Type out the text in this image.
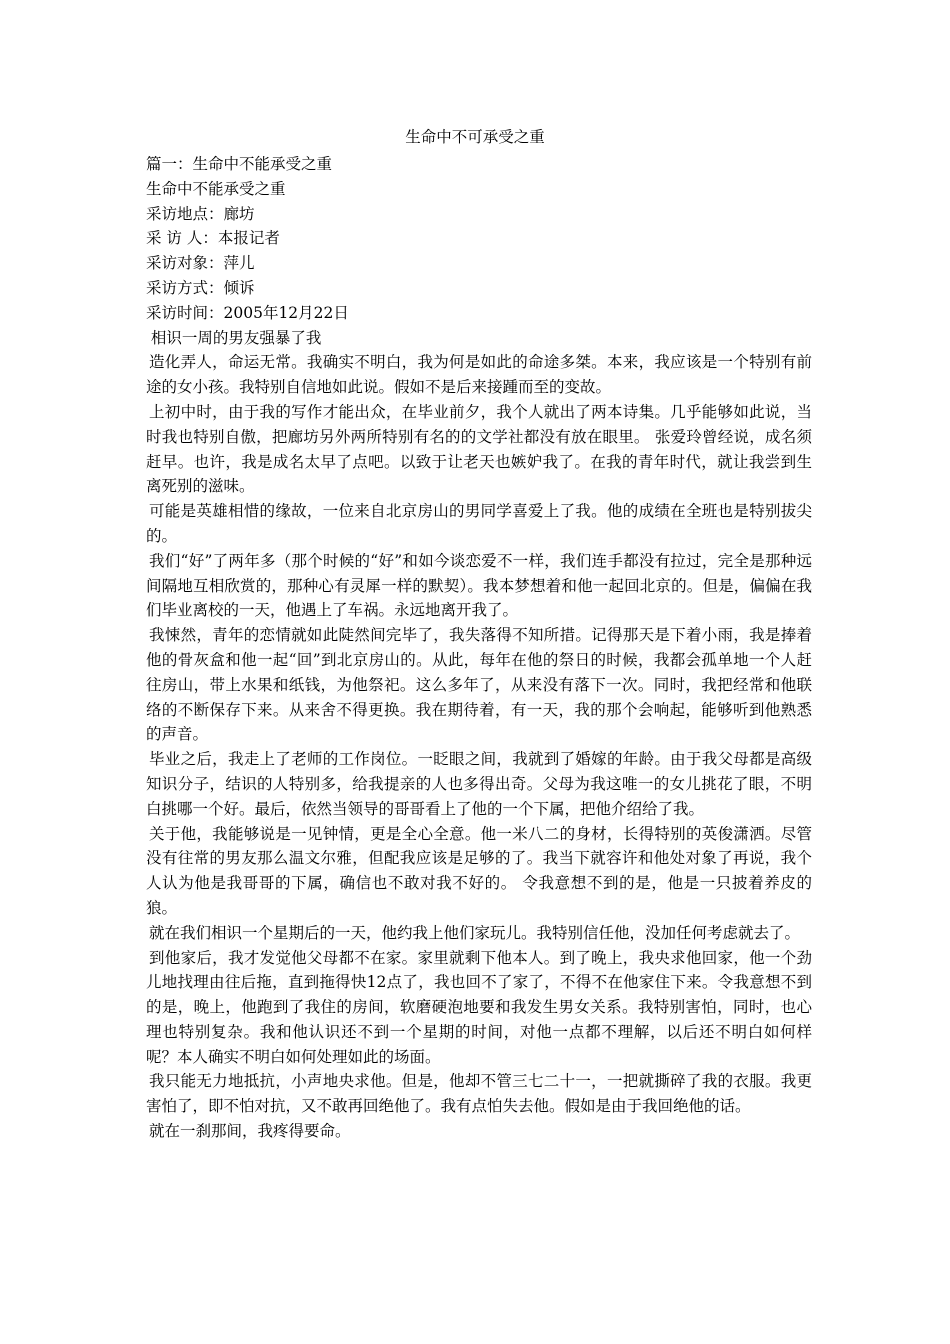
生命中不可承受之重
篇一：生命中不能承受之重
生命中不能承受之重
采访地点：廊坊
采 访 人：本报记者
采访对象：萍儿
采访方式：倾诉
采访时间：2005年12月22日
相识一周的男友强暴了我

造化弄人，命运无常。我确实不明白，我为何是如此的命途多桀。本来，我应该是一个特别有前途的女小孩。我特别自信地如此说。假如不是后来接踵而至的变故。

上初中时，由于我的写作才能出众，在毕业前夕，我个人就出了两本诗集。几乎能够如此说，当时我也特别自傲，把廊坊另外两所特别有名的的文学社都没有放在眼里。 张爱玲曾经说，成名须赶早。也许，我是成名太早了点吧。以致于让老天也嫉妒我了。在我的青年时代，就让我尝到生离死别的滋味。

可能是英雄相惜的缘故，一位来自北京房山的男同学喜爱上了我。他的成绩在全班也是特别拔尖的。

我们“好”了两年多（那个时候的“好”和如今谈恋爱不一样，我们连手都没有拉过，完全是那种远间隔地互相欣赏的，那种心有灵犀一样的默契）。我本梦想着和他一起回北京的。但是，偏偏在我们毕业离校的一天，他遇上了车祸。永远地离开我了。

我悚然，青年的恋情就如此陡然间完毕了，我失落得不知所措。记得那天是下着小雨，我是捧着他的骨灰盒和他一起“回”到北京房山的。从此，每年在他的祭日的时候，我都会孤单地一个人赶往房山，带上水果和纸钱，为他祭祀。这么多年了，从来没有落下一次。同时，我把经常和他联络的不断保存下来。从来舍不得更换。我在期待着，有一天，我的那个会响起，能够听到他熟悉的声音。

毕业之后，我走上了老师的工作岗位。一眨眼之间，我就到了婚嫁的年龄。由于我父母都是高级知识分子，结识的人特别多，给我提亲的人也多得出奇。父母为我这唯一的女儿挑花了眼，不明白挑哪一个好。最后，依然当领导的哥哥看上了他的一个下属，把他介绍给了我。

关于他，我能够说是一见钟情，更是全心全意。他一米八二的身材，长得特别的英俊潇洒。尽管没有往常的男友那么温文尔雅，但配我应该是足够的了。我当下就容许和他处对象了再说，我个人认为他是我哥哥的下属，确信也不敢对我不好的。 令我意想不到的是，他是一只披着养皮的狼。

就在我们相识一个星期后的一天，他约我上他们家玩儿。我特别信任他，没加任何考虑就去了。

到他家后，我才发觉他父母都不在家。家里就剩下他本人。到了晚上，我央求他回家，他一个劲儿地找理由往后拖，直到拖得快12点了，我也回不了家了，不得不在他家住下来。令我意想不到的是，晚上，他跑到了我住的房间，软磨硬泡地要和我发生男女关系。我特别害怕，同时，也心理也特别复杂。我和他认识还不到一个星期的时间，对他一点都不理解，以后还不明白如何样呢？本人确实不明白如何处理如此的场面。

我只能无力地抵抗，小声地央求他。但是，他却不管三七二十一，一把就撕碎了我的衣服。我更害怕了，即不怕对抗，又不敢再回绝他了。我有点怕失去他。假如是由于我回绝他的话。

就在一刹那间，我疼得要命。
